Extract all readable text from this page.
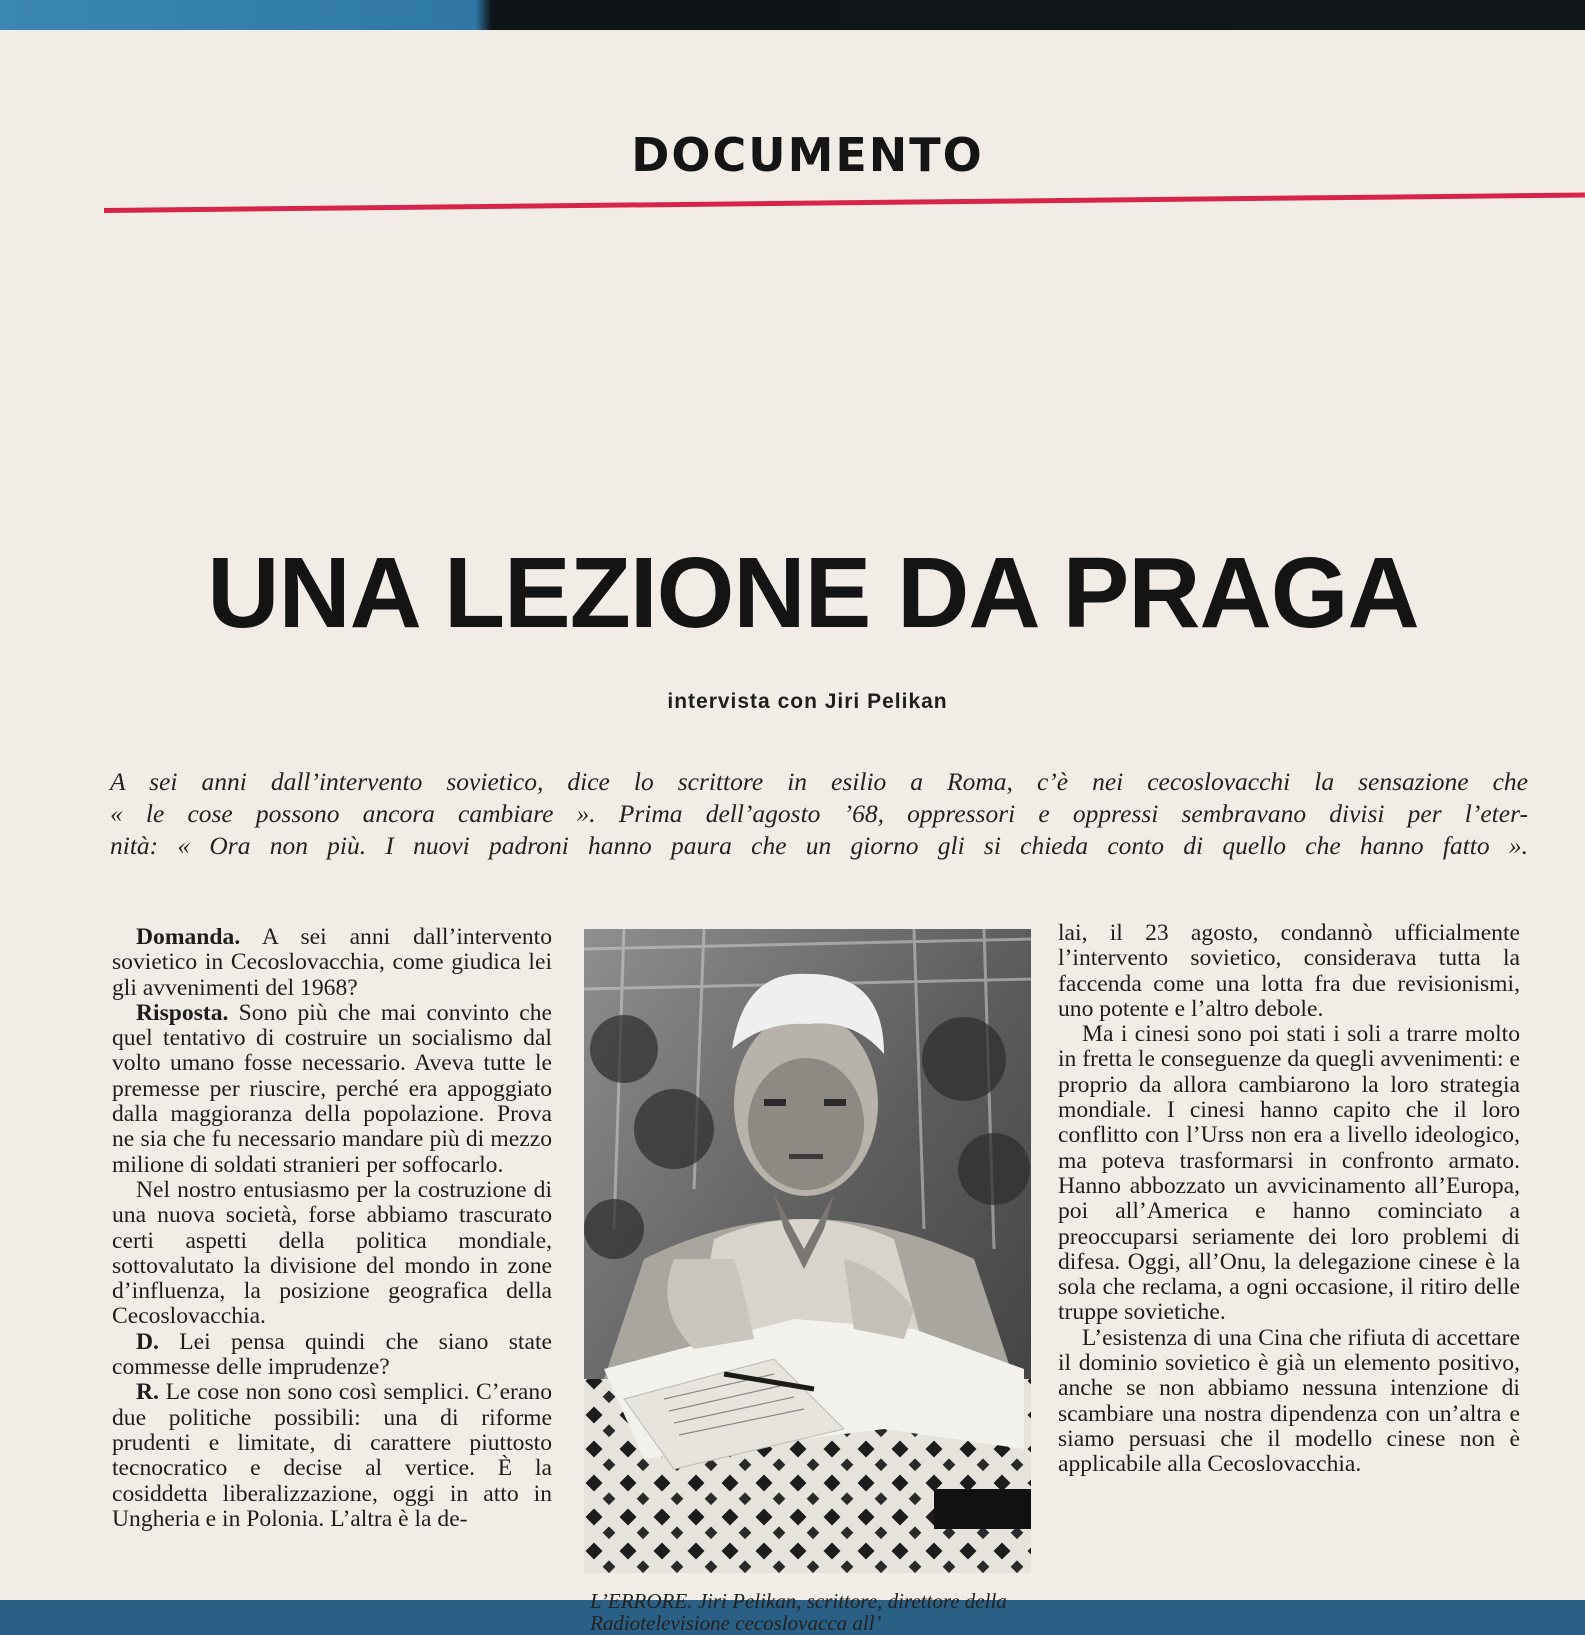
DOCUMENTO
UNA LEZIONE DA PRAGA
intervista con Jiri Pelikan
A sei anni dall’intervento sovietico, dice lo scrittore in esilio a Roma, c’è nei cecoslovacchi la sensazione che
« le cose possono ancora cambiare ». Prima dell’agosto ’68, oppressori e oppressi sembravano divisi per l’eter-
nità: « Ora non più. I nuovi padroni hanno paura che un giorno gli si chieda conto di quello che hanno fatto ».

Domanda. A sei anni dall’intervento sovietico in Cecoslovacchia, come giudica lei gli avvenimenti del 1968?

Risposta. Sono più che mai convinto che quel tentativo di costruire un socialismo dal volto umano fosse necessario. Aveva tutte le premesse per riuscire, perché era appoggiato dalla maggioranza della popolazione. Prova ne sia che fu necessario mandare più di mezzo milione di soldati stranieri per soffocarlo.

Nel nostro entusiasmo per la costruzione di una nuova società, forse abbiamo trascurato certi aspetti della politica mondiale, sottovalutato la divisione del mondo in zone d’influenza, la posizione geografica della Cecoslovacchia.

D. Lei pensa quindi che siano state commesse delle imprudenze?

R. Le cose non sono così semplici. C’erano due politiche possibili: una di riforme prudenti e limitate, di carattere piuttosto tecnocratico e decise al vertice. È la cosiddetta liberalizzazione, oggi in atto in Ungheria e in Polonia. L’altra è la de-

L’ERRORE. Jiri Pelikan, scrittore, direttore della Radiotelevisione cecoslovacca all’

lai, il 23 agosto, condannò ufficialmente l’intervento sovietico, considerava tutta la faccenda come una lotta fra due revisionismi, uno potente e l’altro debole.

Ma i cinesi sono poi stati i soli a trarre molto in fretta le conseguenze da quegli avvenimenti: e proprio da allora cambiarono la loro strategia mondiale. I cinesi hanno capito che il loro conflitto con l’Urss non era a livello ideologico, ma poteva trasformarsi in confronto armato. Hanno abbozzato un avvicinamento all’Europa, poi all’America e hanno cominciato a preoccuparsi seriamente dei loro problemi di difesa. Oggi, all’Onu, la delegazione cinese è la sola che reclama, a ogni occasione, il ritiro delle truppe sovietiche.

L’esistenza di una Cina che rifiuta di accettare il dominio sovietico è già un elemento positivo, anche se non abbiamo nessuna intenzione di scambiare una nostra dipendenza con un’altra e siamo persuasi che il modello cinese non è applicabile alla Cecoslovacchia.
